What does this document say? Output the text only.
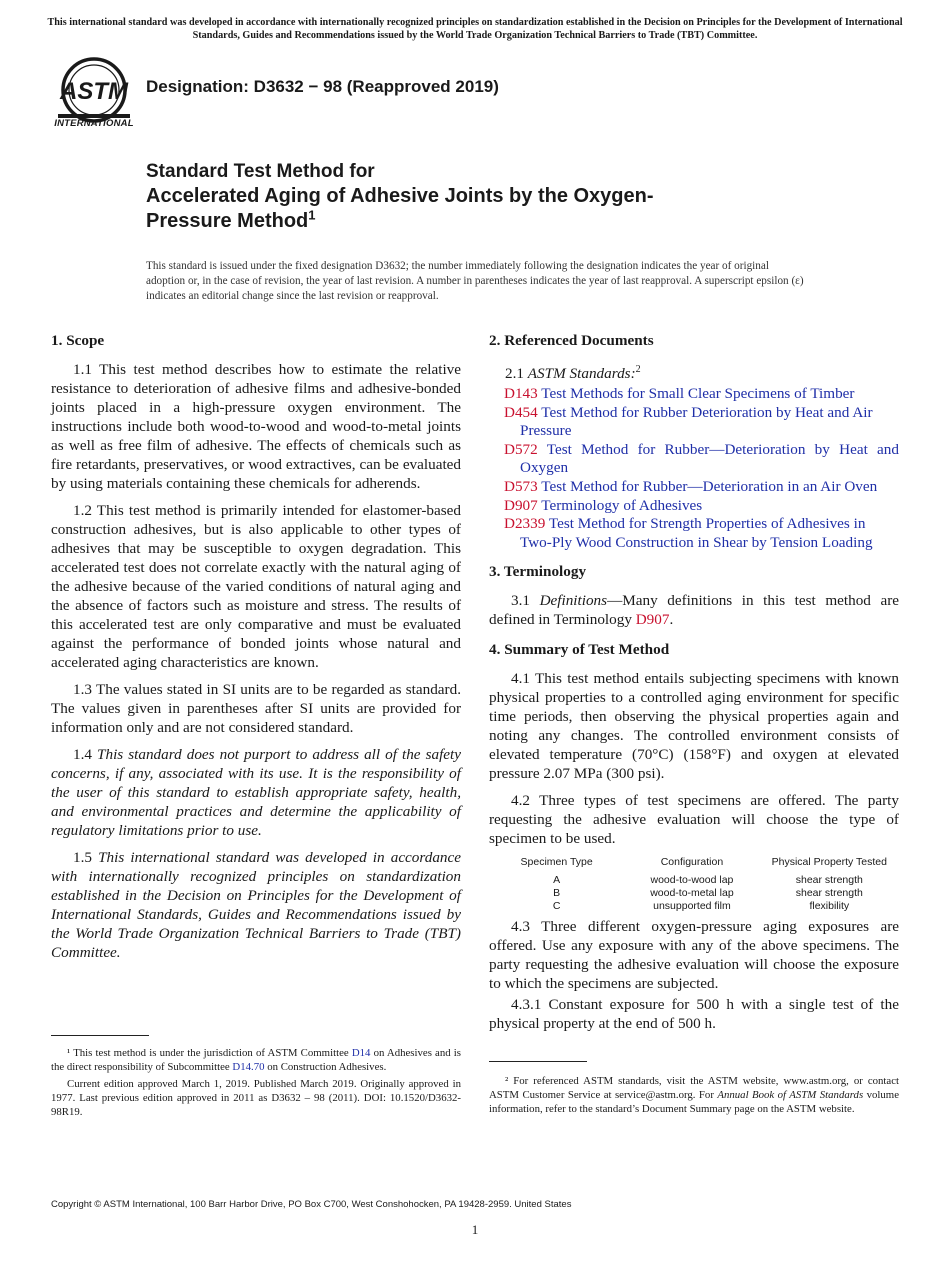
This international standard was developed in accordance with internationally recognized principles on standardization established in the Decision on Principles for the Development of International Standards, Guides and Recommendations issued by the World Trade Organization Technical Barriers to Trade (TBT) Committee.
ASTM
INTERNATIONAL
Designation: D3632 − 98 (Reapproved 2019)
Standard Test Method for
Accelerated Aging of Adhesive Joints by the Oxygen-
Pressure Method$^1$
This standard is issued under the fixed designation D3632; the number immediately following the designation indicates the year of original adoption or, in the case of revision, the year of last revision. A number in parentheses indicates the year of last reapproval. A superscript epsilon (ε) indicates an editorial change since the last revision or reapproval.
1. Scope

1.1 This test method describes how to estimate the relative resistance to deterioration of adhesive films and adhesive-bonded joints placed in a high-pressure oxygen environment. The instructions include both wood-to-wood and wood-to-metal joints as well as free film of adhesive. The effects of chemicals such as fire retardants, preservatives, or wood extractives, can be evaluated by using materials containing these chemicals for adherends.

1.2 This test method is primarily intended for elastomer-based construction adhesives, but is also applicable to other types of adhesives that may be susceptible to oxygen degradation. This accelerated test does not correlate exactly with the natural aging of the adhesive because of the varied conditions of natural aging and the absence of factors such as moisture and stress. The results of this accelerated test are only comparative and must be evaluated against the performance of bonded joints whose natural and accelerated aging characteristics are known.

1.3 The values stated in SI units are to be regarded as standard. The values given in parentheses after SI units are provided for information only and are not considered standard.

1.4 This standard does not purport to address all of the safety concerns, if any, associated with its use. It is the responsibility of the user of this standard to establish appropriate safety, health, and environmental practices and determine the applicability of regulatory limitations prior to use.

1.5 This international standard was developed in accordance with internationally recognized principles on standardization established in the Decision on Principles for the Development of International Standards, Guides and Recommendations issued by the World Trade Organization Technical Barriers to Trade (TBT) Committee.

¹ This test method is under the jurisdiction of ASTM Committee D14 on Adhesives and is the direct responsibility of Subcommittee D14.70 on Construction Adhesives.

Current edition approved March 1, 2019. Published March 2019. Originally approved in 1977. Last previous edition approved in 2011 as D3632 – 98 (2011). DOI: 10.1520/D3632-98R19.

2. Referenced Documents
2.1 ASTM Standards:$^2$

D143 Test Methods for Small Clear Specimens of Timber

D454 Test Method for Rubber Deterioration by Heat and Air Pressure

D572 Test Method for Rubber—Deterioration by Heat and Oxygen

D573 Test Method for Rubber—Deterioration in an Air Oven

D907 Terminology of Adhesives

D2339 Test Method for Strength Properties of Adhesives in Two-Ply Wood Construction in Shear by Tension Loading

3. Terminology

3.1 Definitions—Many definitions in this test method are defined in Terminology D907.

4. Summary of Test Method

4.1 This test method entails subjecting specimens with known physical properties to a controlled aging environment for specific time periods, then observing the physical properties again and noting any changes. The controlled environment consists of elevated temperature (70°C) (158°F) and oxygen at elevated pressure 2.07 MPa (300 psi).

4.2 Three types of test specimens are offered. The party requesting the adhesive evaluation will choose the type of specimen to be used.

Specimen Type	Configuration	Physical Property Tested
A	wood-to-wood lap	shear strength
B	wood-to-metal lap	shear strength
C	unsupported film	flexibility

4.3 Three different oxygen-pressure aging exposures are offered. Use any exposure with any of the above specimens. The party requesting the adhesive evaluation will choose the exposure to which the specimens are subjected.

4.3.1 Constant exposure for 500 h with a single test of the physical property at the end of 500 h.

² For referenced ASTM standards, visit the ASTM website, www.astm.org, or contact ASTM Customer Service at service@astm.org. For Annual Book of ASTM Standards volume information, refer to the standard’s Document Summary page on the ASTM website.

Copyright © ASTM International, 100 Barr Harbor Drive, PO Box C700, West Conshohocken, PA 19428-2959. United States
1
